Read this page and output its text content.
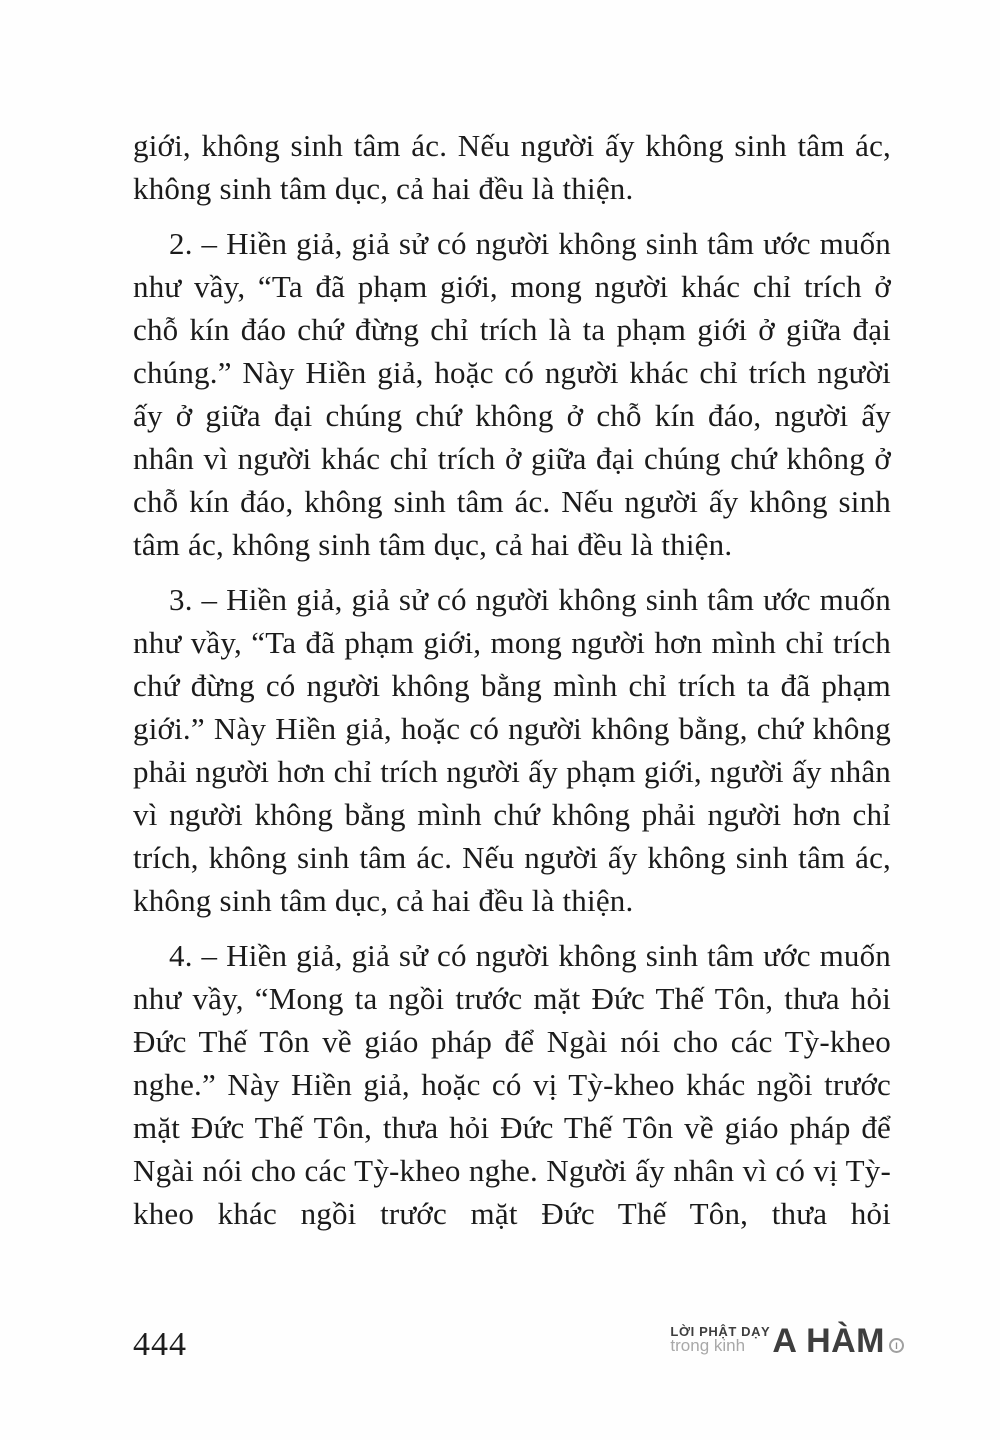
giới, không sinh tâm ác. Nếu người ấy không sinh tâm ác, không sinh tâm dục, cả hai đều là thiện.

2. – Hiền giả, giả sử có người không sinh tâm ước muốn như vầy, “Ta đã phạm giới, mong người khác chỉ trích ở chỗ kín đáo chứ đừng chỉ trích là ta phạm giới ở giữa đại chúng.” Này Hiền giả, hoặc có người khác chỉ trích người ấy ở giữa đại chúng chứ không ở chỗ kín đáo, người ấy nhân vì người khác chỉ trích ở giữa đại chúng chứ không ở chỗ kín đáo, không sinh tâm ác. Nếu người ấy không sinh tâm ác, không sinh tâm dục, cả hai đều là thiện.

3. – Hiền giả, giả sử có người không sinh tâm ước muốn như vầy, “Ta đã phạm giới, mong người hơn mình chỉ trích chứ đừng có người không bằng mình chỉ trích ta đã phạm giới.” Này Hiền giả, hoặc có người không bằng, chứ không phải người hơn chỉ trích người ấy phạm giới, người ấy nhân vì người không bằng mình chứ không phải người hơn chỉ trích, không sinh tâm ác. Nếu người ấy không sinh tâm ác, không sinh tâm dục, cả hai đều là thiện.

4. – Hiền giả, giả sử có người không sinh tâm ước muốn như vầy, “Mong ta ngồi trước mặt Đức Thế Tôn, thưa hỏi Đức Thế Tôn về giáo pháp để Ngài nói cho các Tỳ-kheo nghe.” Này Hiền giả, hoặc có vị Tỳ-kheo khác ngồi trước mặt Đức Thế Tôn, thưa hỏi Đức Thế Tôn về giáo pháp để Ngài nói cho các Tỳ-kheo nghe. Người ấy nhân vì có vị Tỳ-kheo khác ngồi trước mặt Đức Thế Tôn, thưa hỏi

444	LỜI PHẬT DẠY
trong kinh A HÀM	I
